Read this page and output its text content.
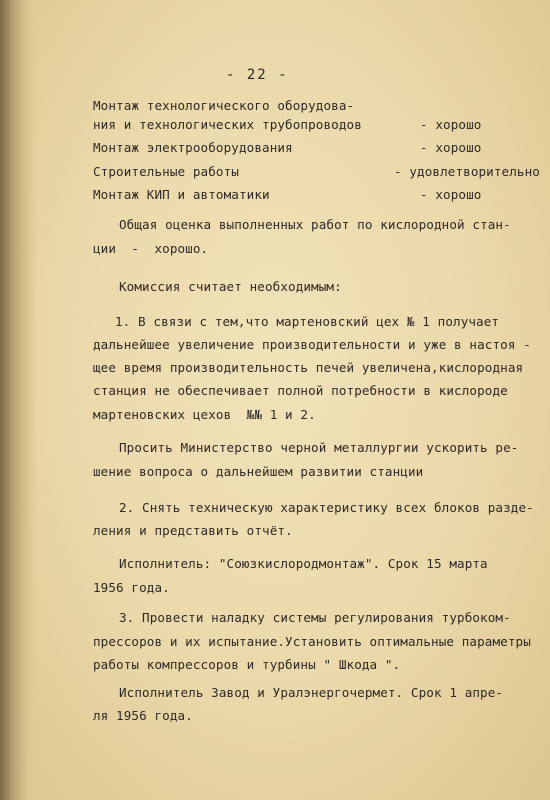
- 22 -
Монтаж технологического оборудова-
ния и технологических трубопроводов	- хорошо
Монтаж электрооборудования	- хорошо
Строительные работы	- удовлетворительно
Монтаж КИП и автоматики	- хорошо
Общая оценка выполненных работ по кислородной стан-
ции  -  хорошо.
Комиссия считает необходимым:
1. В связи с тем,что мартеновский цех № 1 получает
дальнейшее увеличение производительности и уже в настоя -
щее время производительность печей увеличена,кислородная
станция не обеспечивает полной потребности в кислороде
мартеновских цехов  №№ 1 и 2.
Просить Министерство черной металлургии ускорить ре-
шение вопроса о дальнейшем развитии станции
2. Снять техническую характеристику всех блоков разде-
ления и представить отчёт.
Исполнитель: "Союзкислородмонтаж". Срок 15 марта
1956 года.
3. Провести наладку системы регулирования турбоком-
прессоров и их испытание.Установить оптимальные параметры
работы компрессоров и турбины " Шкода ".
Исполнитель Завод и Уралэнергочермет. Срок 1 апре-
ля 1956 года.
